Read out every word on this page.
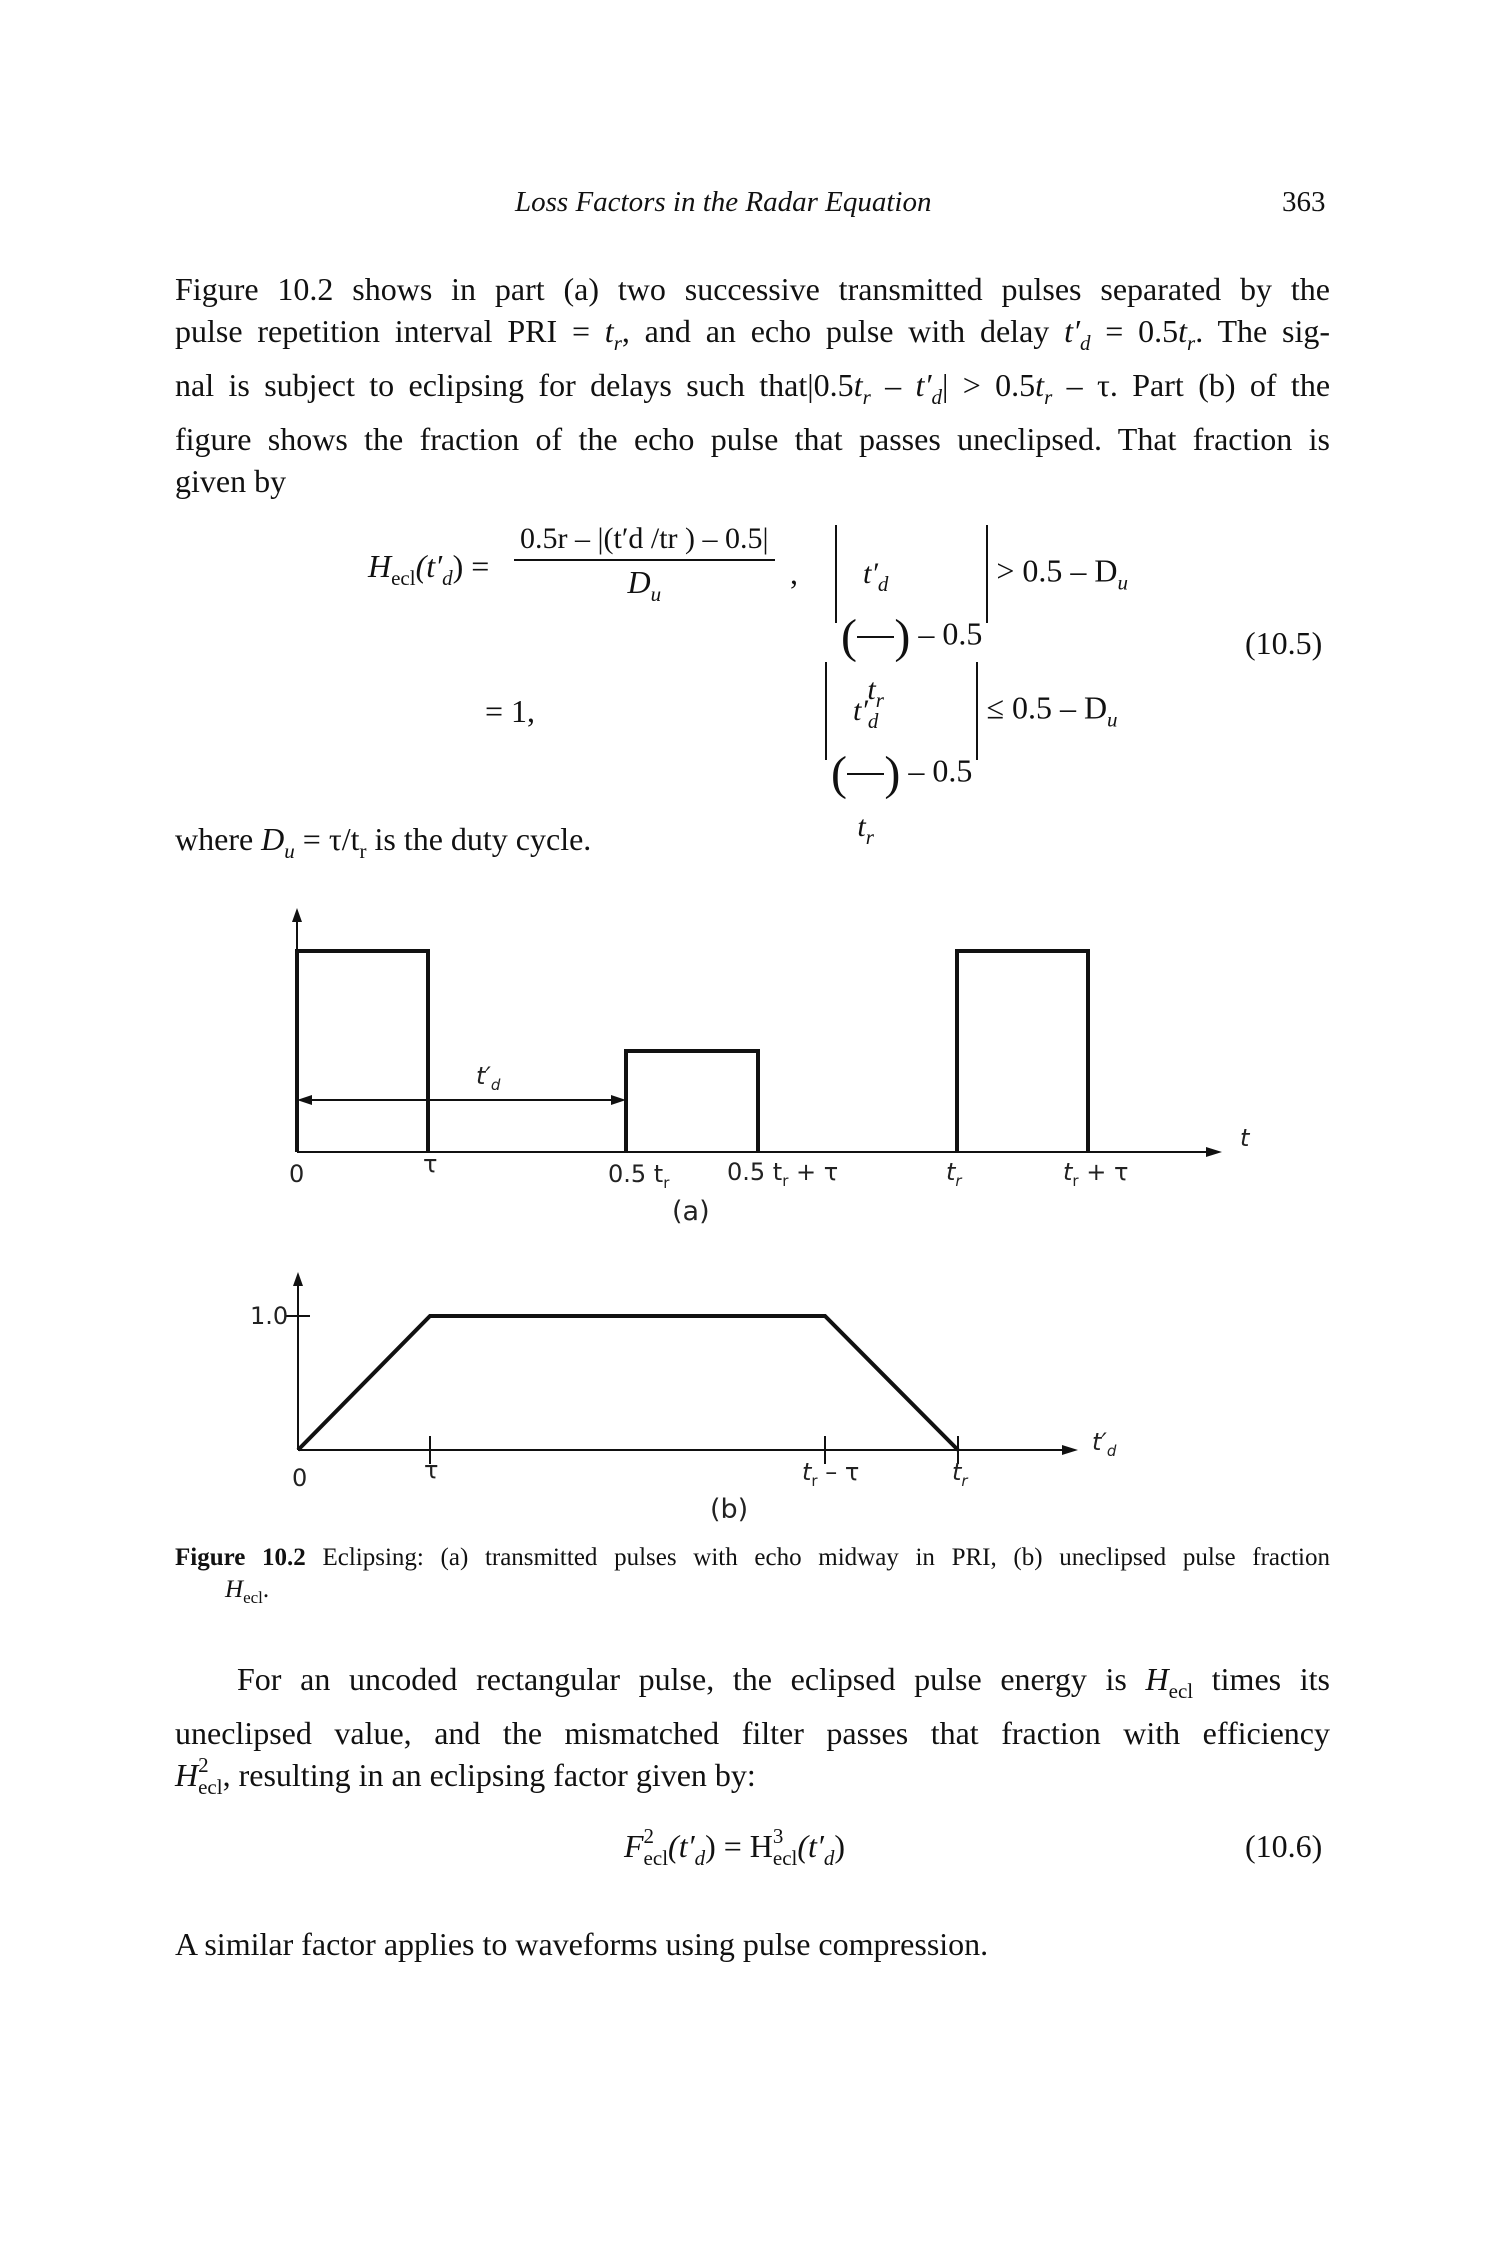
Loss Factors in the Radar Equation	363
Figure 10.2 shows in part (a) two successive transmitted pulses separated by the
pulse repetition interval PRI = $t_r$, and an echo pulse with delay $t'_d = 0.5t_r$. The sig-
nal is subject to eclipsing for delays such $that|0.5t_r - t'_d| > 0.5t_r - \tau$. Part (b) of the
figure shows the fraction of the echo pulse that passes uneclipsed. That fraction is
given by
$H_{ecl}(t'_d) = \frac{0.5r - |(t'd /tr ) - 0.5|}{D_u}$ ,
( $\frac{t'_d}{t_r}$ ) – $0.5 > 0.5 - D_u$
(10.5)
= 1,
( $\frac{t'_d}{t_r}$ ) – $0.5 \le 0.5 - D_u$
where $D_u = \tau/t_r$ is the duty cycle.
$t'_d$
t
0	τ	0.5 $t_r$ 0.5 $t_r + \tau$	$t_r$	$t_r + \tau$
(a)
1.0
0	τ	$t_r$ – τ	$t_r$
$t'_d$
(b)
Figure 10.2 Eclipsing: (a) transmitted pulses with echo midway in PRI, (b) uneclipsed pulse fraction
$H_{ecl}$.
For an uncoded rectangular pulse, the eclipsed pulse energy is $H_{ecl}$ times its
uneclipsed value, and the mismatched filter passes that fraction with efficiency
$H^2_{ecl}$, resulting in an eclipsing factor given by:
$F^2_{ecl}(t'_d) = H^3_{ecl}(t'_d)$	(10.6)
A similar factor applies to waveforms using pulse compression.
